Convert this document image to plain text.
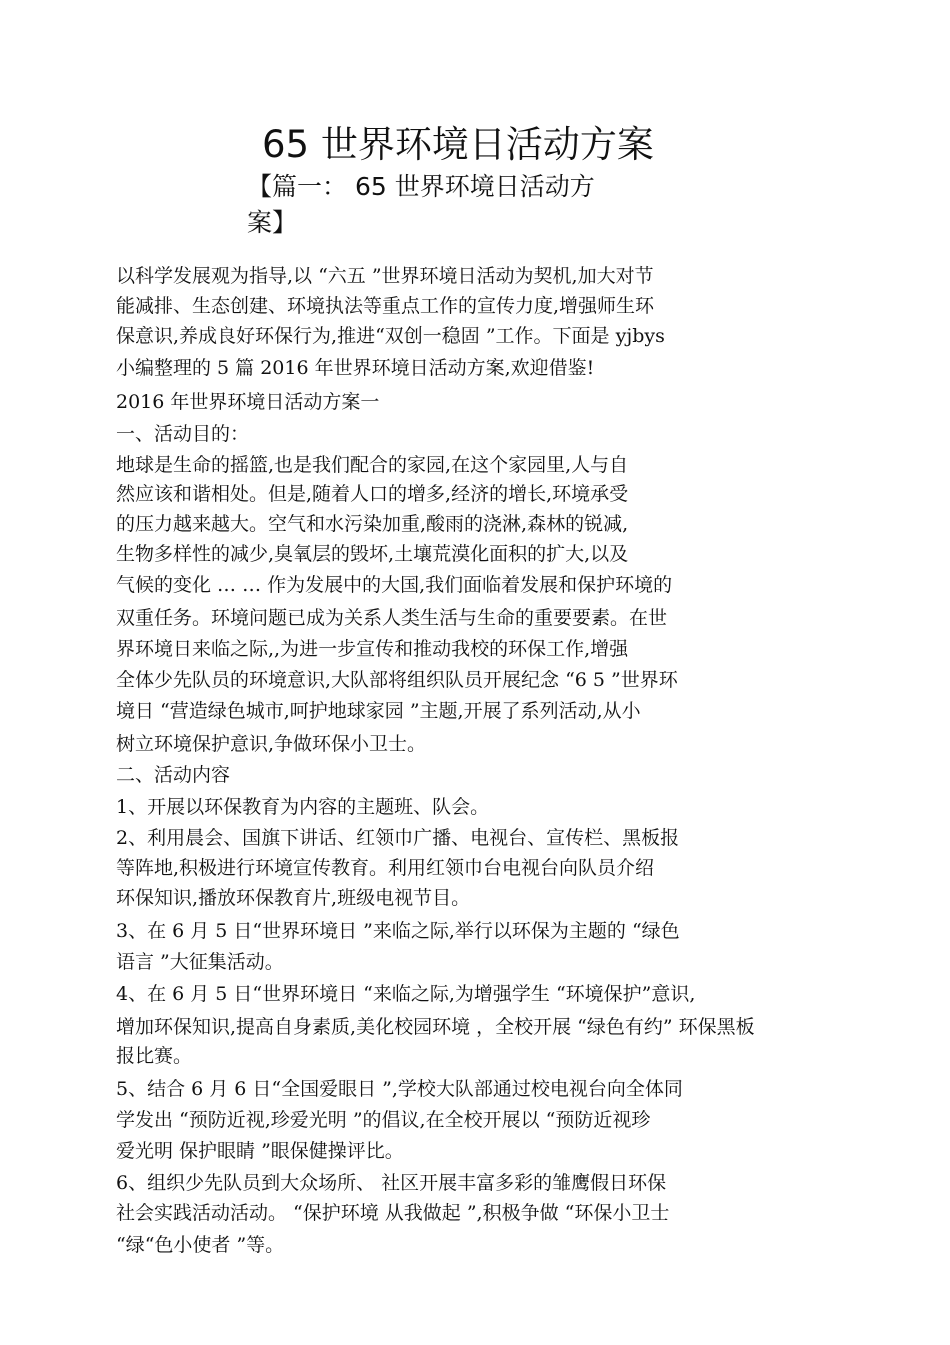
65 世界环境日活动方案
【篇一： 65 世界环境日活动方
案】
以科学发展观为指导,以 “六五 ”世界环境日活动为契机,加大对节
能减排、生态创建、环境执法等重点工作的宣传力度,增强师生环
保意识,养成良好环保行为,推进“双创一稳固 ”工作。下面是 yjbys
小编整理的 5 篇 2016 年世界环境日活动方案,欢迎借鉴!
2016 年世界环境日活动方案一
一、活动目的：
地球是生命的摇篮,也是我们配合的家园,在这个家园里,人与自
然应该和谐相处。但是,随着人口的增多,经济的增长,环境承受
的压力越来越大。空气和水污染加重,酸雨的浇淋,森林的锐减,
生物多样性的减少,臭氧层的毁坏,土壤荒漠化面积的扩大,以及
气候的变化 … … 作为发展中的大国,我们面临着发展和保护环境的
双重任务。环境问题已成为关系人类生活与生命的重要要素。在世
界环境日来临之际,,为进一步宣传和推动我校的环保工作,增强
全体少先队员的环境意识,大队部将组织队员开展纪念 “6 5 ”世界环
境日 “营造绿色城市,呵护地球家园 ”主题,开展了系列活动,从小
树立环境保护意识,争做环保小卫士。
二、活动内容
1、开展以环保教育为内容的主题班、队会。
2、利用晨会、国旗下讲话、红领巾广播、电视台、宣传栏、黑板报
等阵地,积极进行环境宣传教育。利用红领巾台电视台向队员介绍
环保知识,播放环保教育片,班级电视节目。
3、在 6 月 5 日“世界环境日 ”来临之际,举行以环保为主题的 “绿色
语言 ”大征集活动。
4、在 6 月 5 日“世界环境日 “来临之际,为增强学生 “环境保护”意识,
增加环保知识,提高自身素质,美化校园环境 ，全校开展 “绿色有约” 环保黑板
报比赛。
5、结合 6 月 6 日“全国爱眼日 ”,学校大队部通过校电视台向全体同
学发出 “预防近视,珍爱光明 ”的倡议,在全校开展以 “预防近视珍
爱光明 保护眼睛 ”眼保健操评比。
6、组织少先队员到大众场所、 社区开展丰富多彩的雏鹰假日环保
社会实践活动活动。 “保护环境 从我做起 ”,积极争做 “环保小卫士
“绿“色小使者 ”等。
